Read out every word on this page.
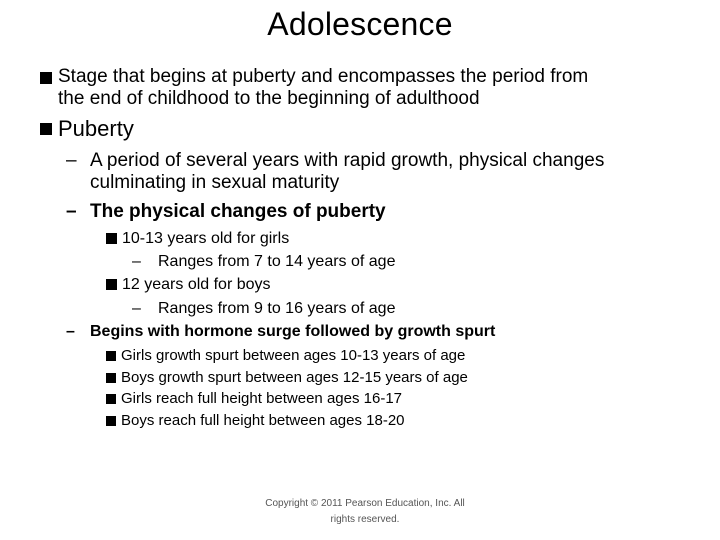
Adolescence
Stage that begins at puberty and encompasses the period from
the end of childhood to the beginning of adulthood
Puberty
– A period of several years with rapid growth, physical changes
culminating in sexual maturity
– The physical changes of puberty
10-13 years old for girls
– Ranges from 7 to 14 years of age
12 years old for boys
– Ranges from 9 to 16 years of age
– Begins with hormone surge followed by growth spurt
Girls growth spurt between ages 10-13 years of age
Boys growth spurt between ages 12-15 years of age
Girls reach full height between ages 16-17
Boys reach full height between ages 18-20
Copyright © 2011 Pearson Education, Inc. All
rights reserved.
